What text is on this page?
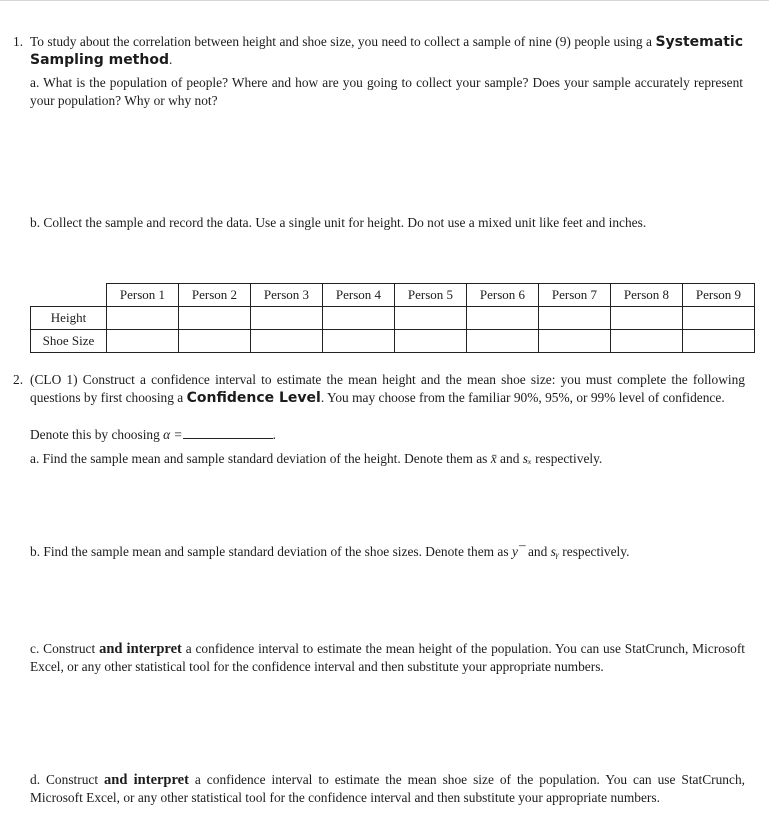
1. To study about the correlation between height and shoe size, you need to collect a sample of nine (9) people using a Systematic Sampling method.
a. What is the population of people? Where and how are you going to collect your sample? Does your sample accurately represent your population? Why or why not?
b. Collect the sample and record the data. Use a single unit for height. Do not use a mixed unit like feet and inches.
	Person 1	Person 2	Person 3	Person 4	Person 5	Person 6	Person 7	Person 8	Person 9
Height									
Shoe Size									
2. (CLO 1) Construct a confidence interval to estimate the mean height and the mean shoe size: you must complete the following questions by first choosing a Confidence Level. You may choose from the familiar 90%, 95%, or 99% level of confidence.
Denote this by choosing α =	.
a. Find the sample mean and sample standard deviation of the height. Denote them as x̄ and sₓ respectively.
b. Find the sample mean and sample standard deviation of the shoe sizes. Denote them as y¯ and sᵧ respectively.
c. Construct and interpret a confidence interval to estimate the mean height of the population. You can use StatCrunch, Microsoft Excel, or any other statistical tool for the confidence interval and then substitute your appropriate numbers.
d. Construct and interpret a confidence interval to estimate the mean shoe size of the population. You can use StatCrunch, Microsoft Excel, or any other statistical tool for the confidence interval and then substitute your appropriate numbers.
